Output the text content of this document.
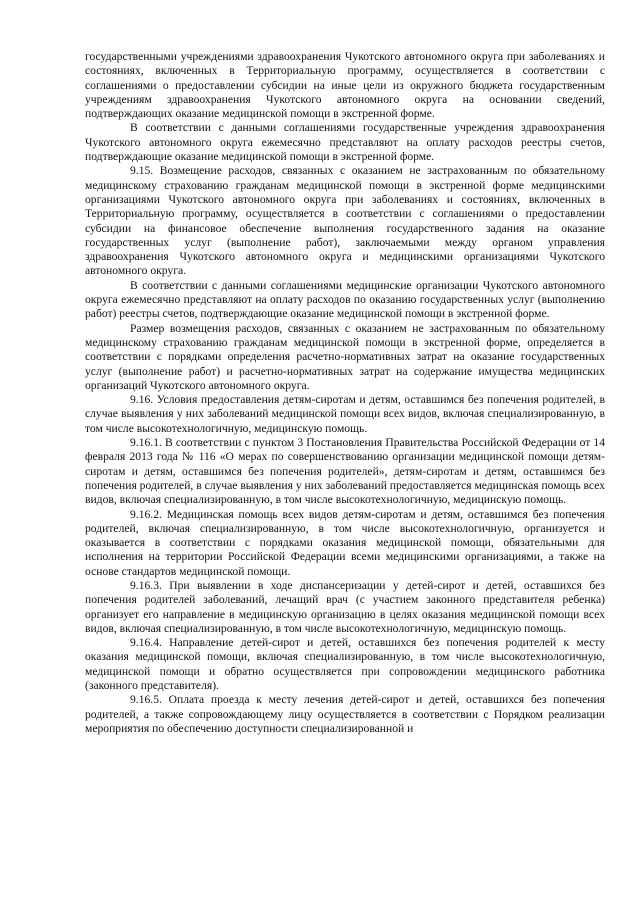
государственными учреждениями здравоохранения Чукотского автономного округа при заболеваниях и состояниях, включенных в Территориальную программу, осуществляется в соответствии с соглашениями о предоставлении субсидии на иные цели из окружного бюджета государственным учреждениям здравоохранения Чукотского автономного округа на основании сведений, подтверждающих оказание медицинской помощи в экстренной форме.

В соответствии с данными соглашениями государственные учреждения здравоохранения Чукотского автономного округа ежемесячно представляют на оплату расходов реестры счетов, подтверждающие оказание медицинской помощи в экстренной форме.

9.15. Возмещение расходов, связанных с оказанием не застрахованным по обязательному медицинскому страхованию гражданам медицинской помощи в экстренной форме медицинскими организациями Чукотского автономного округа при заболеваниях и состояниях, включенных в Территориальную программу, осуществляется в соответствии с соглашениями о предоставлении субсидии на финансовое обеспечение выполнения государственного задания на оказание государственных услуг (выполнение работ), заключаемыми между органом управления здравоохранения Чукотского автономного округа и медицинскими организациями Чукотского автономного округа.

В соответствии с данными соглашениями медицинские организации Чукотского автономного округа ежемесячно представляют на оплату расходов по оказанию государственных услуг (выполнению работ) реестры счетов, подтверждающие оказание медицинской помощи в экстренной форме.

Размер возмещения расходов, связанных с оказанием не застрахованным по обязательному медицинскому страхованию гражданам медицинской помощи в экстренной форме, определяется в соответствии с порядками определения расчетно-нормативных затрат на оказание государственных услуг (выполнение работ) и расчетно-нормативных затрат на содержание имущества медицинских организаций Чукотского автономного округа.

9.16. Условия предоставления детям-сиротам и детям, оставшимся без попечения родителей, в случае выявления у них заболеваний медицинской помощи всех видов, включая специализированную, в том числе высокотехнологичную, медицинскую помощь.

9.16.1. В соответствии с пунктом 3 Постановления Правительства Российской Федерации от 14 февраля 2013 года № 116 «О мерах по совершенствованию организации медицинской помощи детям-сиротам и детям, оставшимся без попечения родителей», детям-сиротам и детям, оставшимся без попечения родителей, в случае выявления у них заболеваний предоставляется медицинская помощь всех видов, включая специализированную, в том числе высокотехнологичную, медицинскую помощь.

9.16.2. Медицинская помощь всех видов детям-сиротам и детям, оставшимся без попечения родителей, включая специализированную, в том числе высокотехнологичную, организуется и оказывается в соответствии с порядками оказания медицинской помощи, обязательными для исполнения на территории Российской Федерации всеми медицинскими организациями, а также на основе стандартов медицинской помощи.

9.16.3. При выявлении в ходе диспансеризации у детей-сирот и детей, оставшихся без попечения родителей заболеваний, лечащий врач (с участием законного представителя ребенка) организует его направление в медицинскую организацию в целях оказания медицинской помощи всех видов, включая специализированную, в том числе высокотехнологичную, медицинскую помощь.

9.16.4. Направление детей-сирот и детей, оставшихся без попечения родителей к месту оказания медицинской помощи, включая специализированную, в том числе высокотехнологичную, медицинской помощи и обратно осуществляется при сопровождении медицинского работника (законного представителя).

9.16.5. Оплата проезда к месту лечения детей-сирот и детей, оставшихся без попечения родителей, а также сопровождающему лицу осуществляется в соответствии с Порядком реализации мероприятия по обеспечению доступности специализированной и
